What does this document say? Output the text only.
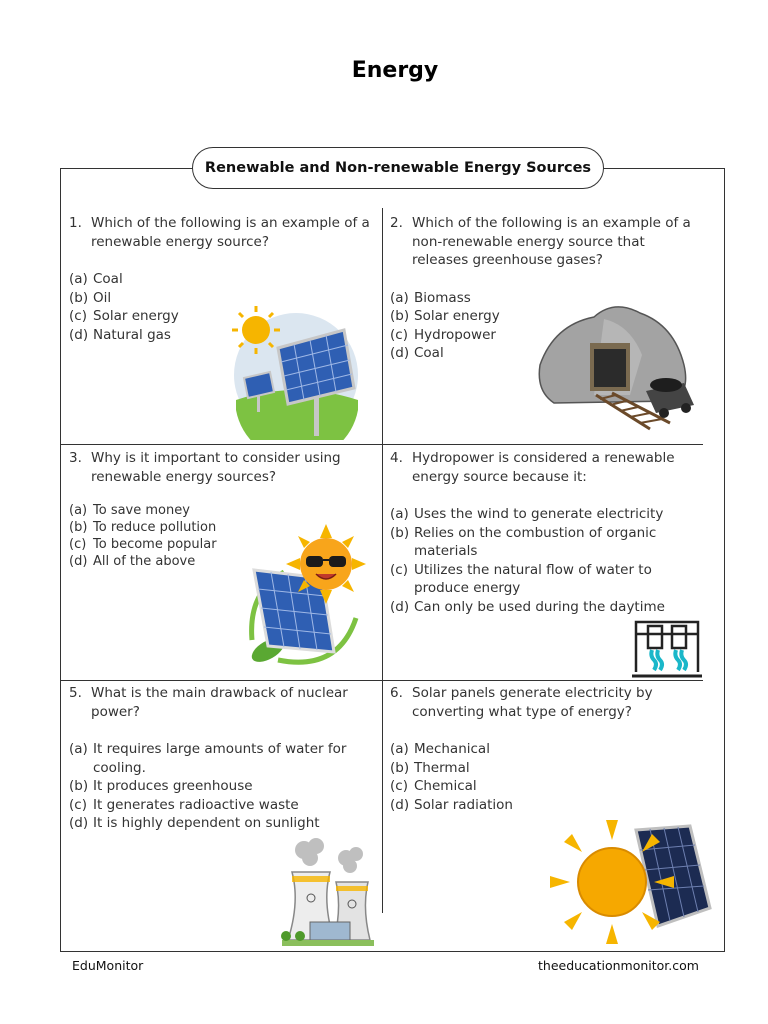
Energy
Renewable and Non-renewable Energy Sources
1. Which of the following is an example of a
renewable energy source?
(a) Coal
(b) Oil
(c) Solar energy
(d) Natural gas
2. Which of the following is an example of a
non-renewable energy source that
releases greenhouse gases?
(a) Biomass
(b) Solar energy
(c) Hydropower
(d) Coal
3. Why is it important to consider using
renewable energy sources?
(a) To save money
(b) To reduce pollution
(c) To become popular
(d) All of the above
4. Hydropower is considered a renewable
energy source because it:
(a) Uses the wind to generate electricity
(b) Relies on the combustion of organic materials
(c) Utilizes the natural flow of water to produce energy
(d) Can only be used during the daytime
5. What is the main drawback of nuclear
power?
(a) It requires large amounts of water for cooling.
(b) It produces greenhouse
(c) It generates radioactive waste
(d) It is highly dependent on sunlight
6. Solar panels generate electricity by
converting what type of energy?
(a) Mechanical
(b) Thermal
(c) Chemical
(d) Solar radiation
EduMonitor	theeducationmonitor.com
